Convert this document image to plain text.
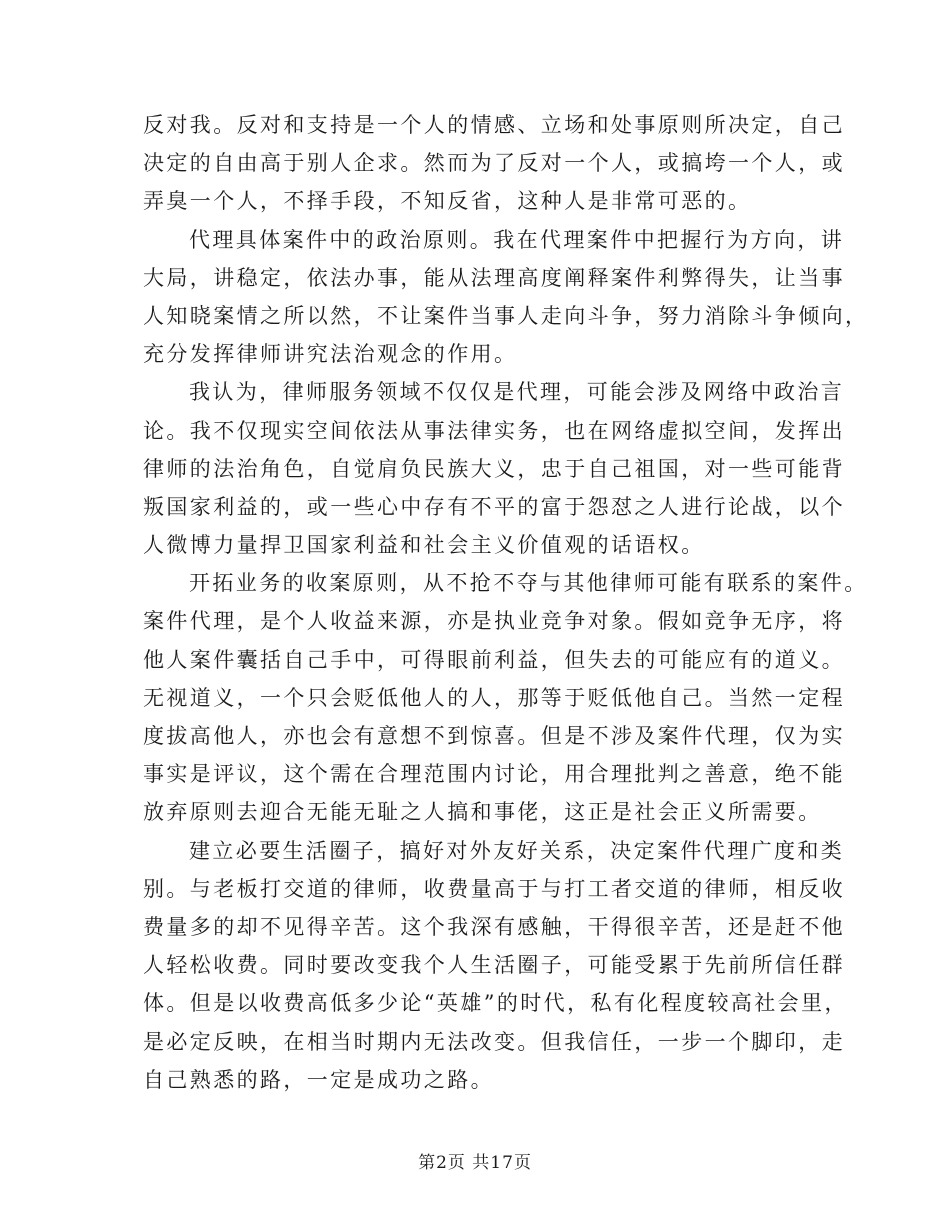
反对我。反对和支持是一个人的情感、立场和处事原则所决定，自己
决定的自由高于别人企求。然而为了反对一个人，或搞垮一个人，或
弄臭一个人，不择手段，不知反省，这种人是非常可恶的。
代理具体案件中的政治原则。我在代理案件中把握行为方向，讲
大局，讲稳定，依法办事，能从法理高度阐释案件利弊得失，让当事
人知晓案情之所以然，不让案件当事人走向斗争，努力消除斗争倾向，
充分发挥律师讲究法治观念的作用。
我认为，律师服务领域不仅仅是代理，可能会涉及网络中政治言
论。我不仅现实空间依法从事法律实务，也在网络虚拟空间，发挥出
律师的法治角色，自觉肩负民族大义，忠于自己祖国，对一些可能背
叛国家利益的，或一些心中存有不平的富于怨怼之人进行论战，以个
人微博力量捍卫国家利益和社会主义价值观的话语权。
开拓业务的收案原则，从不抢不夺与其他律师可能有联系的案件。
案件代理，是个人收益来源，亦是执业竞争对象。假如竞争无序，将
他人案件囊括自己手中，可得眼前利益，但失去的可能应有的道义。
无视道义，一个只会贬低他人的人，那等于贬低他自己。当然一定程
度拔高他人，亦也会有意想不到惊喜。但是不涉及案件代理，仅为实
事实是评议，这个需在合理范围内讨论，用合理批判之善意，绝不能
放弃原则去迎合无能无耻之人搞和事佬，这正是社会正义所需要。
建立必要生活圈子，搞好对外友好关系，决定案件代理广度和类
别。与老板打交道的律师，收费量高于与打工者交道的律师，相反收
费量多的却不见得辛苦。这个我深有感触，干得很辛苦，还是赶不他
人轻松收费。同时要改变我个人生活圈子，可能受累于先前所信任群
体。但是以收费高低多少论“英雄”的时代，私有化程度较高社会里，
是必定反映，在相当时期内无法改变。但我信任，一步一个脚印，走
自己熟悉的路，一定是成功之路。
第2页 共17页
